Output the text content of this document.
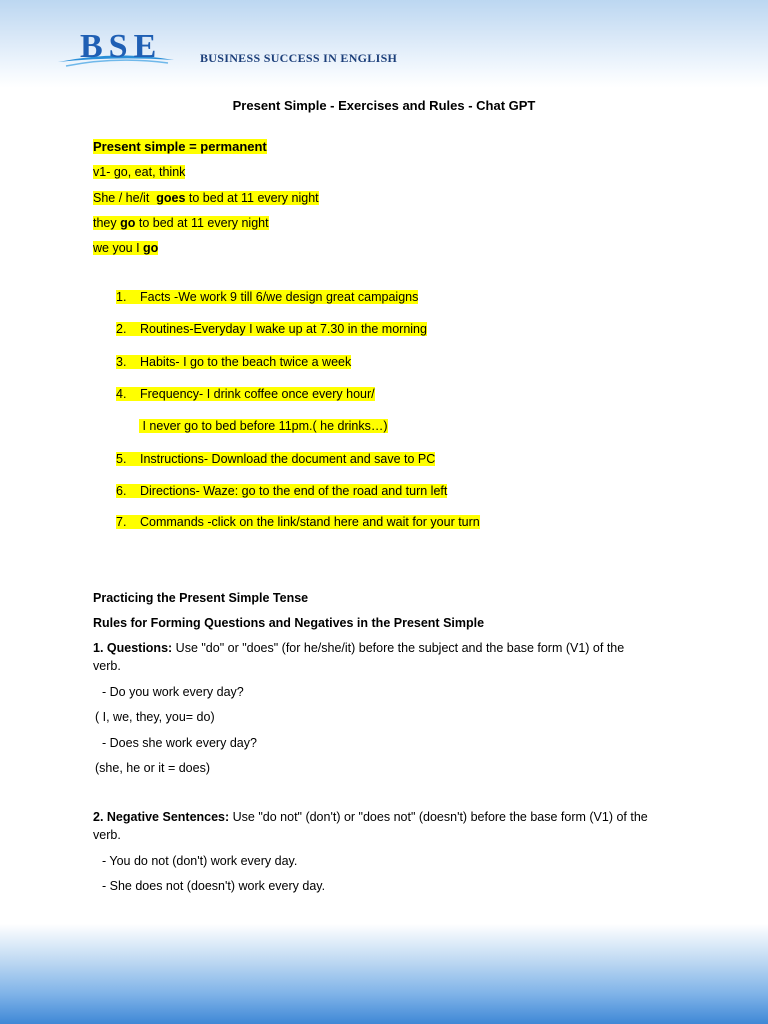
BSE	BUSINESS SUCCESS IN ENGLISH
Present Simple - Exercises and Rules - Chat GPT
Present simple = permanent
v1- go, eat, think
She / he/it  goes to bed at 11 every night
they go to bed at 11 every night
we you I go
1. Facts -We work 9 till 6/we design great campaigns
2. Routines-Everyday I wake up at 7.30 in the morning
3. Habits- I go to the beach twice a week
4. Frequency- I drink coffee once every hour/
I never go to bed before 11pm.( he drinks…)
5. Instructions- Download the document and save to PC
6. Directions- Waze: go to the end of the road and turn left
7. Commands -click on the link/stand here and wait for your turn
Practicing the Present Simple Tense
Rules for Forming Questions and Negatives in the Present Simple
1. Questions: Use "do" or "does" (for he/she/it) before the subject and the base form (V1) of the
verb.
- Do you work every day?
( I, we, they, you= do)
- Does she work every day?
(she, he or it = does)
2. Negative Sentences: Use "do not" (don't) or "does not" (doesn't) before the base form (V1) of the
verb.
- You do not (don't) work every day.
- She does not (doesn't) work every day.
